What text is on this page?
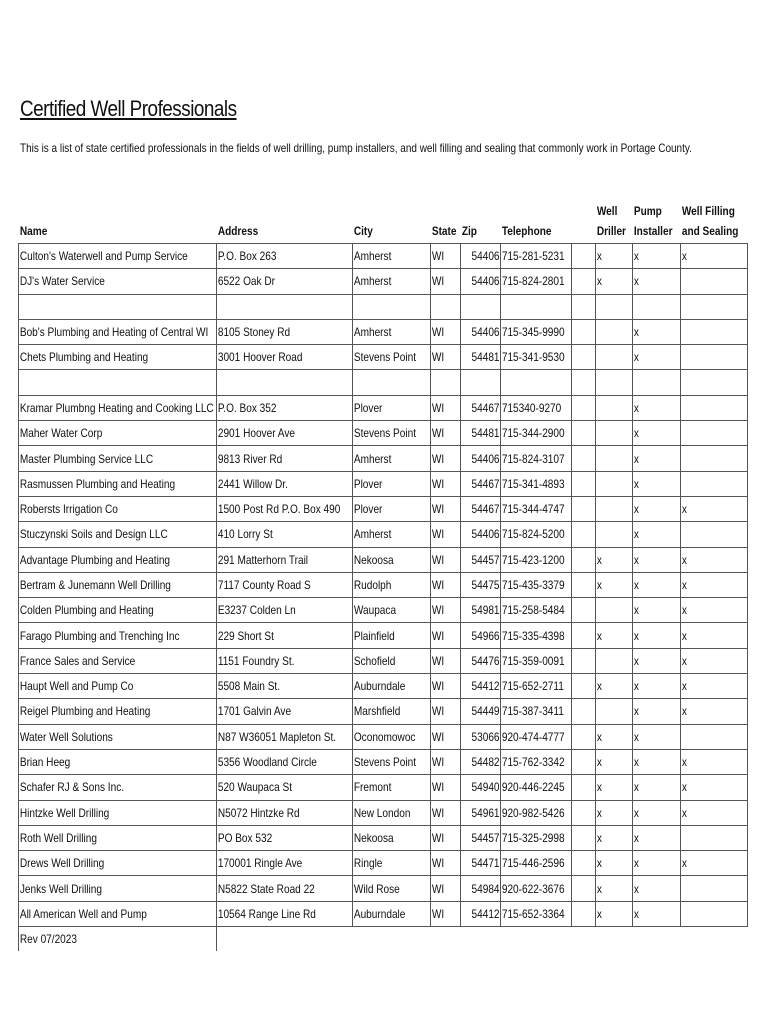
Certified Well Professionals
This is a list of state certified professionals in the fields of well drilling, pump installers, and well filling and sealing that commonly work in Portage County.
							Well	Pump	Well Filling
Name	Address	City	State	Zip	Telephone		Driller	Installer	and Sealing
Culton's Waterwell and Pump Service	P.O. Box 263	Amherst	WI	54406	715-281-5231		x	x	x
DJ's Water Service	6522 Oak Dr	Amherst	WI	54406	715-824-2801		x	x	

Bob's Plumbing and Heating of Central WI	8105 Stoney Rd	Amherst	WI	54406	715-345-9990			x	
Chets Plumbing and Heating	3001 Hoover Road	Stevens Point	WI	54481	715-341-9530			x	

Kramar Plumbng Heating and Cooking LLC	P.O. Box 352	Plover	WI	54467	715340-9270			x	
Maher Water Corp	2901 Hoover Ave	Stevens Point	WI	54481	715-344-2900			x	
Master Plumbing Service LLC	9813 River Rd	Amherst	WI	54406	715-824-3107			x	
Rasmussen Plumbing and Heating	2441 Willow Dr.	Plover	WI	54467	715-341-4893			x	
Robersts Irrigation Co	1500 Post Rd P.O. Box 490	Plover	WI	54467	715-344-4747			x	x
Stuczynski Soils and Design LLC	410 Lorry St	Amherst	WI	54406	715-824-5200			x	
Advantage Plumbing and Heating	291 Matterhorn Trail	Nekoosa	WI	54457	715-423-1200		x	x	x
Bertram & Junemann Well Drilling	7117 County Road S	Rudolph	WI	54475	715-435-3379		x	x	x
Colden Plumbing and Heating	E3237 Colden Ln	Waupaca	WI	54981	715-258-5484			x	x
Farago Plumbing and Trenching Inc	229 Short St	Plainfield	WI	54966	715-335-4398		x	x	x
France Sales and Service	1151 Foundry St.	Schofield	WI	54476	715-359-0091			x	x
Haupt Well and Pump Co	5508 Main St.	Auburndale	WI	54412	715-652-2711		x	x	x
Reigel Plumbing and Heating	1701 Galvin Ave	Marshfield	WI	54449	715-387-3411			x	x
Water Well Solutions	N87 W36051 Mapleton St.	Oconomowoc	WI	53066	920-474-4777		x	x	
Brian Heeg	5356 Woodland Circle	Stevens Point	WI	54482	715-762-3342		x	x	x
Schafer RJ & Sons Inc.	520 Waupaca St	Fremont	WI	54940	920-446-2245		x	x	x
Hintzke Well Drilling	N5072 Hintzke Rd	New London	WI	54961	920-982-5426		x	x	x
Roth Well Drilling	PO Box 532	Nekoosa	WI	54457	715-325-2998		x	x	
Drews Well Drilling	170001 Ringle Ave	Ringle	WI	54471	715-446-2596		x	x	x
Jenks Well Drilling	N5822 State Road 22	Wild Rose	WI	54984	920-622-3676		x	x	
All American Well and Pump	10564 Range Line Rd	Auburndale	WI	54412	715-652-3364		x	x	
Rev 07/2023									
